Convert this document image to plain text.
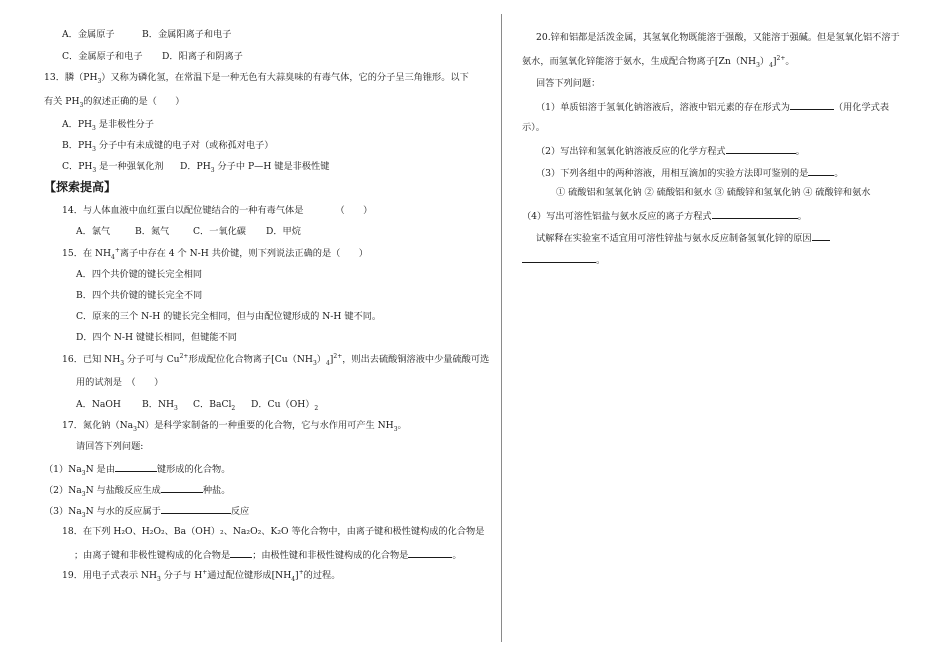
A．金属原子	B．金属阳离子和电子
C．金属原子和电子 D．阳离子和阴离子
13．膦$(PH_3)$又称为磷化氢，在常温下是一种无色有大蒜臭味的有毒气体，它的分子呈三角锥形。以下
有关 $PH_3$的叙述正确的是（　　）
A．$PH_3$ 是非极性分子
B．$PH_3$ 分子中有未成键的电子对（或称孤对电子）
C．$PH_3$ 是一种强氧化剂 D．$PH_3$ 分子中 P—H 键是非极性键
【探索提高】
14．与人体血液中血红蛋白以配位键结合的一种有毒气体是　　　　（　　）
A．氯气	B．氮气	C．一氧化碳 D．甲烷
15．在 $NH_4^+$离子中存在 4 个 N-H 共价键，则下列说法正确的是（　　）
A．四个共价键的键长完全相同
B．四个共价键的键长完全不同
C．原来的三个 N-H 的键长完全相同，但与由配位键形成的 N-H 键不同。
D．四个 N-H 键键长相同，但键能不同
16．已知 $NH_3$ 分子可与 $Cu^{2+}$形成配位化合物离子$[Cu(NH_3)_4]^{2+}$，则出去硫酸铜溶液中少量硫酸可选
用的试剂是　（　　）
A．NaOH B．$NH_3$ C．BaCl$_2$ D．$Cu(OH)_2$
17．氮化钠$(Na_3N)$是科学家制备的一种重要的化合物，它与水作用可产生 $NH_3$。
请回答下列问题:
$(1)Na_3N$ 是由	键形成的化合物。
$(2)Na_3N$ 与盐酸反应生成	种盐。
$(3)Na_3N$ 与水的反应属于	反应
18．在下列 H₂O、H₂O₂、Ba（OH）₂、Na₂O₂、K₂O 等化合物中，由离子键和极性键构成的化合物是
；由离子键和非极性键构成的化合物是 ；由极性键和非极性键构成的化合物是	。
19．用电子式表示 $NH_3$ 分子与 H+通过配位键形成$[NH_4]^+$的过程。
20.锌和铝都是活泼金属，其氢氧化物既能溶于强酸，又能溶于强碱。但是氢氧化铝不溶于
氨水，而氢氧化锌能溶于氨水，生成配合物离子$[Zn(NH_3)_4]^{2+}$。
回答下列问题：
（1）单质铝溶于氢氧化钠溶液后，溶液中铝元素的存在形式为	（用化学式表
示）。
（2）写出锌和氢氧化钠溶液反应的化学方程式	。
（3）下列各组中的两种溶液，用相互滴加的实验方法即可鉴别的是	。
① 硫酸铝和氢氧化钠 ② 硫酸铝和氨水 ③ 硫酸锌和氢氧化钠 ④ 硫酸锌和氨水
（4）写出可溶性铝盐与氨水反应的离子方程式	。
试解释在实验室不适宜用可溶性锌盐与氨水反应制备氢氧化锌的原因
。
